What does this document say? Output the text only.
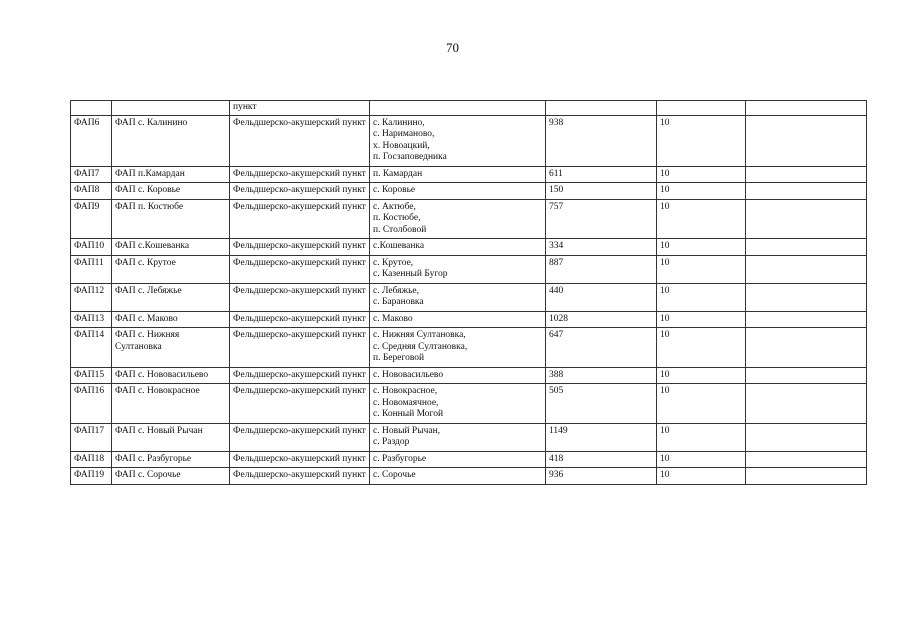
70
		пункт				
ФАП6	ФАП с. Калинино	Фельдшерско-акушерский пункт	с. Калинино,
с. Нариманово,
х. Новоацкий,
п. Госзаповедника	938	10	
ФАП7	ФАП п.Камардан	Фельдшерско-акушерский пункт	п. Камардан	611	10	
ФАП8	ФАП с. Коровье	Фельдшерско-акушерский пункт	с. Коровье	150	10	
ФАП9	ФАП п. Костюбе	Фельдшерско-акушерский пункт	с. Актюбе,
п. Костюбе,
п. Столбовой	757	10	
ФАП10	ФАП с.Кошеванка	Фельдшерско-акушерский пункт	с.Кошеванка	334	10	
ФАП11	ФАП с. Крутое	Фельдшерско-акушерский пункт	с. Крутое,
с. Казенный Бугор	887	10	
ФАП12	ФАП с. Лебяжье	Фельдшерско-акушерский пункт	с. Лебяжье,
с. Барановка	440	10	
ФАП13	ФАП с. Маково	Фельдшерско-акушерский пункт	с. Маково	1028	10	
ФАП14	ФАП с. Нижняя Султановка	Фельдшерско-акушерский пункт	с. Нижняя Султановка,
с. Средняя Султановка,
п. Береговой	647	10	
ФАП15	ФАП с. Нововасильево	Фельдшерско-акушерский пункт	с. Нововасильево	388	10	
ФАП16	ФАП с. Новокрасное	Фельдшерско-акушерский пункт	с. Новокрасное,
с. Новомаячное,
с. Конный Могой	505	10	
ФАП17	ФАП с. Новый Рычан	Фельдшерско-акушерский пункт	с. Новый Рычан,
с. Раздор	1149	10	
ФАП18	ФАП с. Разбугорье	Фельдшерско-акушерский пункт	с. Разбугорье	418	10	
ФАП19	ФАП с. Сорочье	Фельдшерско-акушерский пункт	с. Сорочье	936	10	
